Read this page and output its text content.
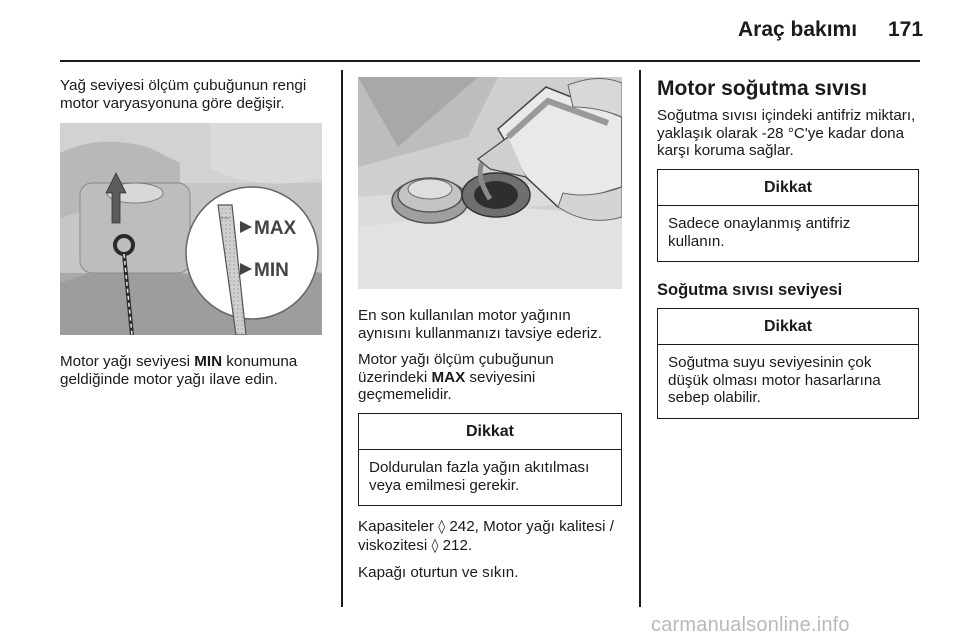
Araç bakımı 171

Yağ seviyesi ölçüm çubuğunun rengi motor varyasyonuna göre değişir.

MAX
MIN

Motor yağı seviyesi MIN konumuna geldiğinde motor yağı ilave edin.

En son kullanılan motor yağının aynısını kullanmanızı tavsiye ederiz.

Motor yağı ölçüm çubuğunun üzerindeki MAX seviyesini geçmemelidir.

Dikkat
Doldurulan fazla yağın akıtılması veya emilmesi gerekir.

Kapasiteler ◊ 242, Motor yağı kalitesi / viskozitesi ◊ 212.

Kapağı oturtun ve sıkın.

Motor soğutma sıvısı

Soğutma sıvısı içindeki antifriz miktarı, yaklaşık olarak -28 °C'ye kadar dona karşı koruma sağlar.

Dikkat
Sadece onaylanmış antifriz kullanın.
Soğutma sıvısı seviyesi
Dikkat
Soğutma suyu seviyesinin çok düşük olması motor hasarlarına sebep olabilir.
carmanualsonline.info
